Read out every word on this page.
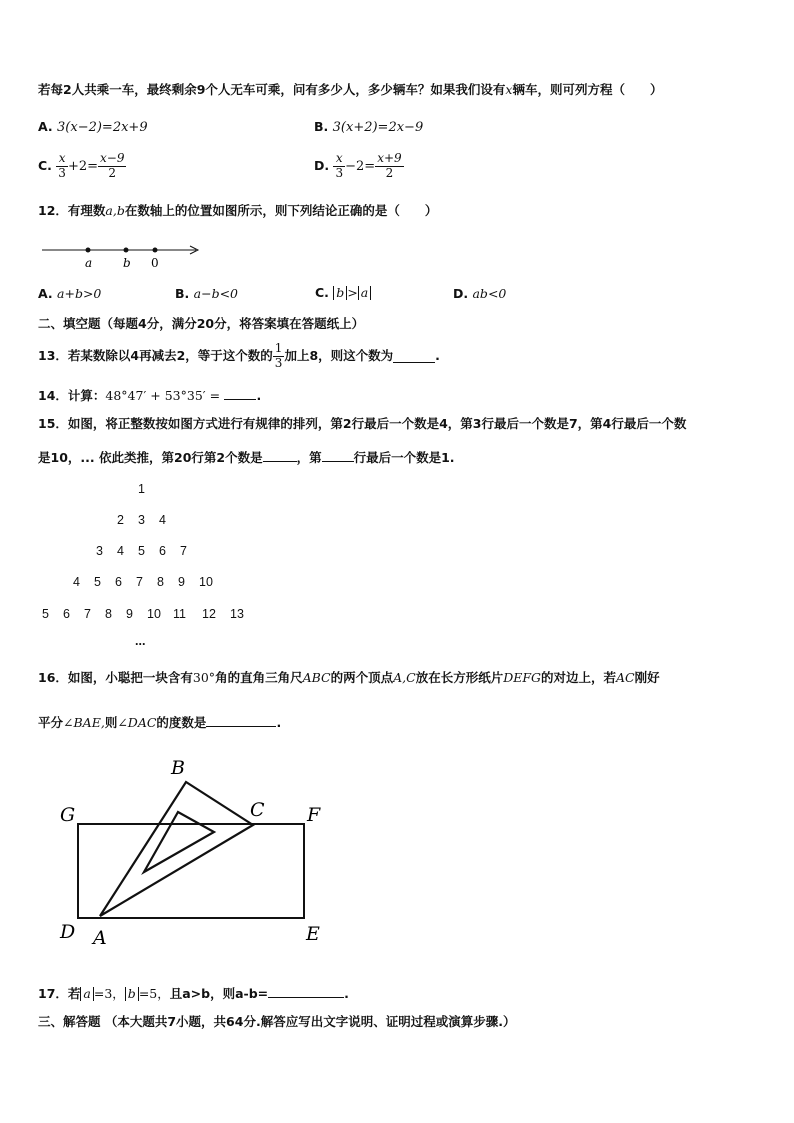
若每2人共乘一车，最终剩余9个人无车可乘，问有多少人，多少辆车？如果我们设有x辆车，则可列方程（　　）
A. 3(x−2)=2x+9	B. 3(x+2)=2x−9
C.
$\frac{x}{3} +2= \frac{x-9}{2}$	D.
$\frac{x}{3} -2= \frac{x+9}{2}$
12．有理数a,b在数轴上的位置如图所示，则下列结论正确的是（　　）
a	b 0
A. a+b>0	B. a−b<0	C. b > a	D. ab<0
二、填空题（每题4分，满分20分，将答案填在答题纸上）
13．若某数除以4再减去2，等于这个数的 $\frac{1}{3}$ 加上8，则这个数为	.
14．计算：48°47′ + 53°35′ =	.
15．如图，将正整数按如图方式进行有规律的排列，第2行最后一个数是4，第3行最后一个数是7，第4行最后一个数
是10，... 依此类推，第20行第2个数是	，第	行最后一个数是1.
1
2 3 4
3 4 5 6 7
4 5 6 7 8 9 10
5 6 7 8 9 10 11 12 13
...
16．如图，小聪把一块含有30°角的直角三角尺ABC的两个顶点A,C放在长方形纸片DEFG的对边上，若AC刚好
平分∠BAE,则∠DAC的度数是	.
B
G	C F
D A	E
17．若 a =3， b =5，且a>b，则a-b=	.
三、解答题 （本大题共7小题，共64分.解答应写出文字说明、证明过程或演算步骤.）
